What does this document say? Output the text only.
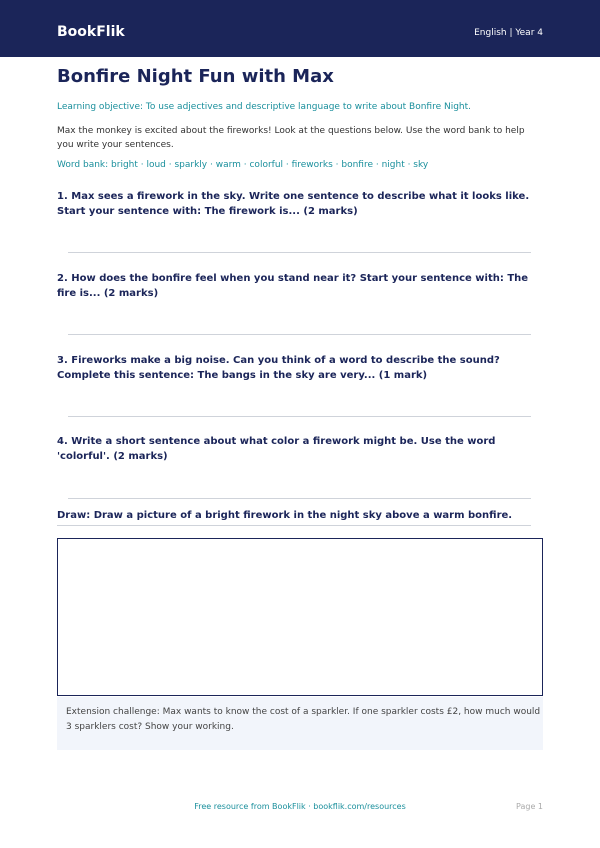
BookFlik	English | Year 4
Bonfire Night Fun with Max
Learning objective: To use adjectives and descriptive language to write about Bonfire Night.
Max the monkey is excited about the fireworks! Look at the questions below. Use the word bank to help you write your sentences.
Word bank: bright · loud · sparkly · warm · colorful · fireworks · bonfire · night · sky
1. Max sees a firework in the sky. Write one sentence to describe what it looks like. Start your sentence with: The firework is... (2 marks)
2. How does the bonfire feel when you stand near it? Start your sentence with: The fire is... (2 marks)
3. Fireworks make a big noise. Can you think of a word to describe the sound? Complete this sentence: The bangs in the sky are very... (1 mark)
4. Write a short sentence about what color a firework might be. Use the word 'colorful'. (2 marks)
Draw: Draw a picture of a bright firework in the night sky above a warm bonfire.
Extension challenge: Max wants to know the cost of a sparkler. If one sparkler costs £2, how much would 3 sparklers cost? Show your working.
Free resource from BookFlik · bookflik.com/resources	Page 1
